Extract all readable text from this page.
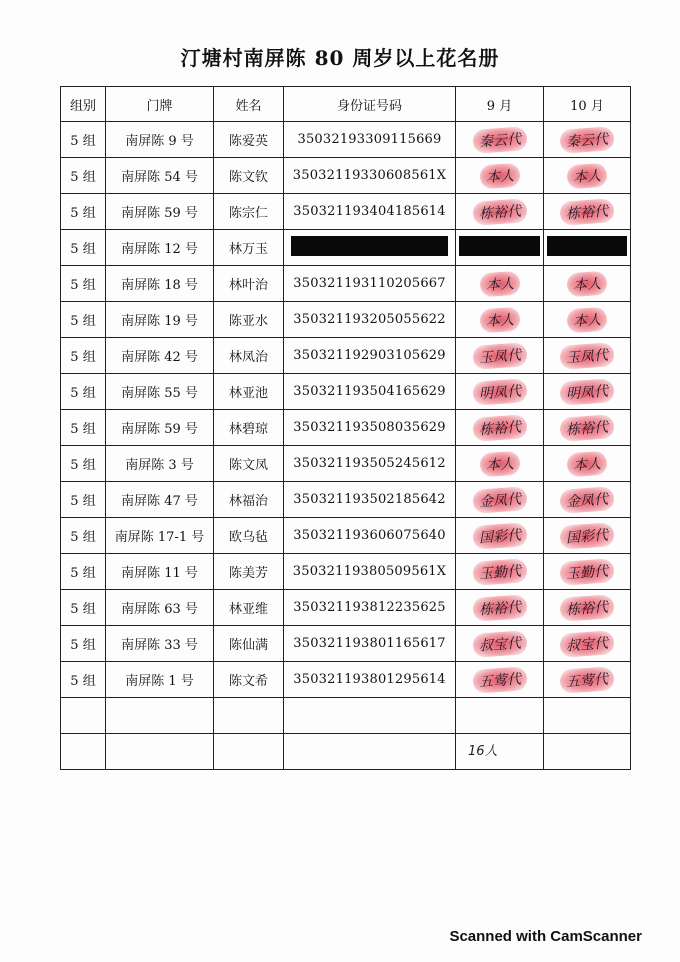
汀塘村南屏陈 80 周岁以上花名册
组别	门牌	姓名	身份证号码	9 月	10 月
5 组	南屏陈 9 号	陈爱英	35032193309115669	秦云代	秦云代
5 组	南屏陈 54 号	陈文钦	35032119330608561X	本人	本人
5 组	南屏陈 59 号	陈宗仁	350321193404185614	栋裕代	栋裕代
5 组	南屏陈 12 号	林万玉			
5 组	南屏陈 18 号	林叶治	350321193110205667	本人	本人
5 组	南屏陈 19 号	陈亚水	350321193205055622	本人	本人
5 组	南屏陈 42 号	林凤治	350321192903105629	玉凤代	玉凤代
5 组	南屏陈 55 号	林亚池	350321193504165629	明凤代	明凤代
5 组	南屏陈 59 号	林碧琼	350321193508035629	栋裕代	栋裕代
5 组	南屏陈 3 号	陈文凤	350321193505245612	本人	本人
5 组	南屏陈 47 号	林福治	350321193502185642	金凤代	金凤代
5 组	南屏陈 17-1 号	欧乌毡	350321193606075640	国彩代	国彩代
5 组	南屏陈 11 号	陈美芳	35032119380509561X	玉勤代	玉勤代
5 组	南屏陈 63 号	林亚维	350321193812235625	栋裕代	栋裕代
5 组	南屏陈 33 号	陈仙满	350321193801165617	叔宝代	叔宝代
5 组	南屏陈 1 号	陈文希	350321193801295614	五莺代	五莺代

				16人	

Scanned with CamScanner
